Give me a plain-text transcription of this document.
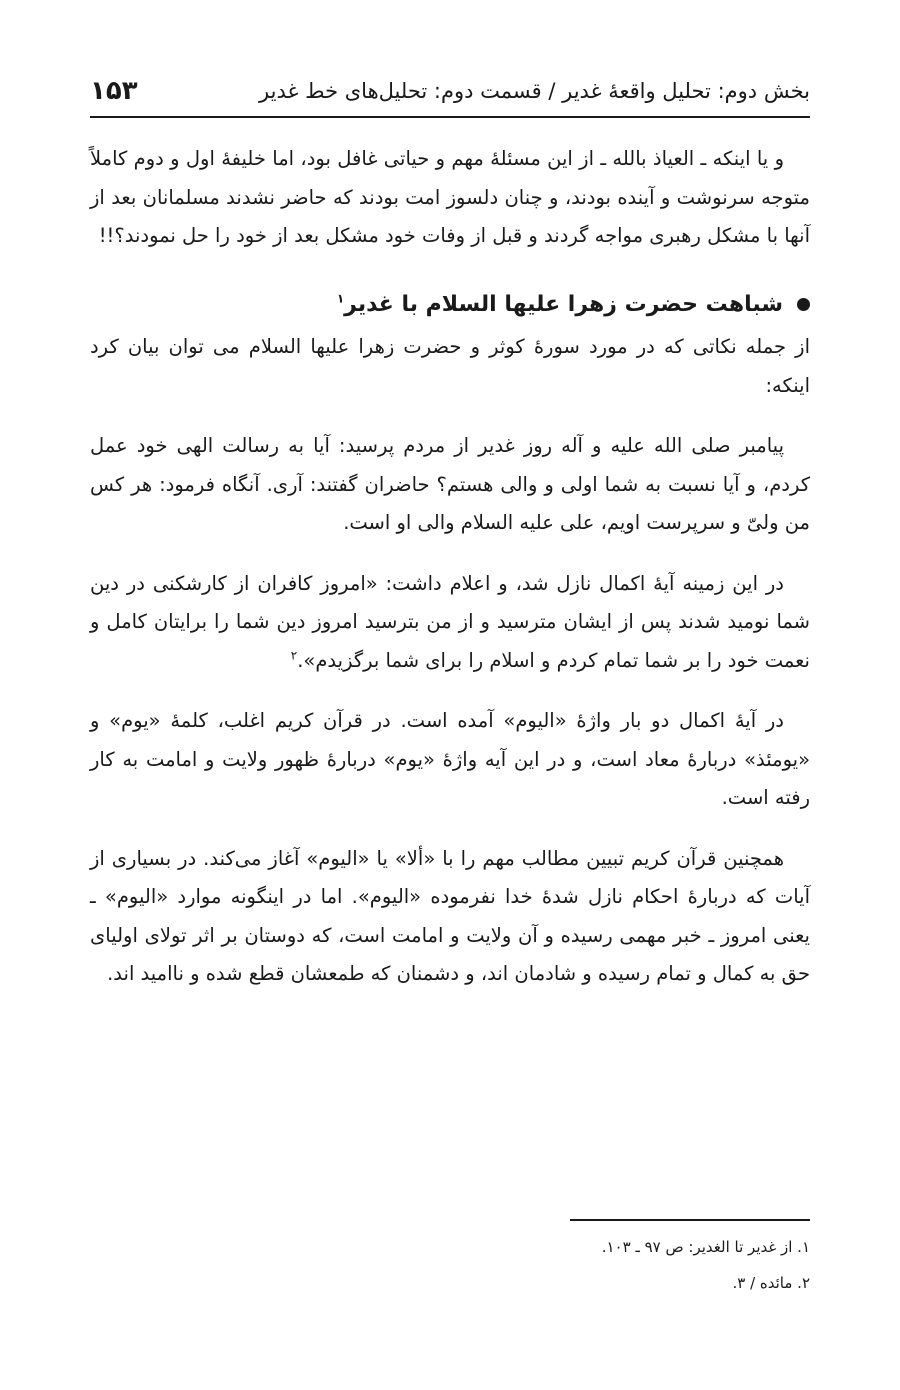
بخش دوم: تحلیل واقعۀ غدیر / قسمت دوم: تحلیل‌های خط غدیر
۱۵۳

و یا اینکه ـ العیاذ بالله ـ از این مسئلۀ مهم و حیاتی غافل بود، اما خلیفۀ اول و دوم کاملاً متوجه سرنوشت و آینده بودند، و چنان دلسوز امت بودند که حاضر نشدند مسلمانان بعد از آنها با مشکل رهبری مواجه گردند و قبل از وفات خود مشکل بعد از خود را حل نمودند؟!!

شباهت حضرت زهرا علیها السلام با غدیر$^۱$

از جمله نکاتی که در مورد سورۀ کوثر و حضرت زهرا علیها السلام می توان بیان کرد اینکه:

پیامبر صلی الله علیه و آله روز غدیر از مردم پرسید: آیا به رسالت الهی خود عمل کردم، و آیا نسبت به شما اولی و والی هستم؟ حاضران گفتند: آری. آنگاه فرمود: هر کس من ولیّ و سرپرست اویم، علی علیه السلام والی او است.

در این زمینه آیۀ اکمال نازل شد، و اعلام داشت: «امروز کافران از کارشکنی در دین شما نومید شدند پس از ایشان مترسید و از من بترسید امروز دین شما را برایتان کامل و نعمت خود را بر شما تمام کردم و اسلام را برای شما برگزیدم».$^۲$

در آیۀ اکمال دو بار واژۀ «الیوم» آمده است. در قرآن کریم اغلب، کلمۀ «یوم» و «یومئذ» دربارۀ معاد است، و در این آیه واژۀ «یوم» دربارۀ ظهور ولایت و امامت به کار رفته است.

همچنین قرآن کریم تبیین مطالب مهم را با «ألا» یا «الیوم» آغاز می‌کند. در بسیاری از آیات که دربارۀ احکام نازل شدۀ خدا نفرموده «الیوم». اما در اینگونه موارد «الیوم» ـ یعنی امروز ـ خبر مهمی رسیده و آن ولایت و امامت است، که دوستان بر اثر تولای اولیای حق به کمال و تمام رسیده و شادمان اند، و دشمنان که طمعشان قطع شده و ناامید اند.

۱. از غدیر تا الغدیر: ص ۹۷ ـ ۱۰۳.

۲. مائده / ۳.
